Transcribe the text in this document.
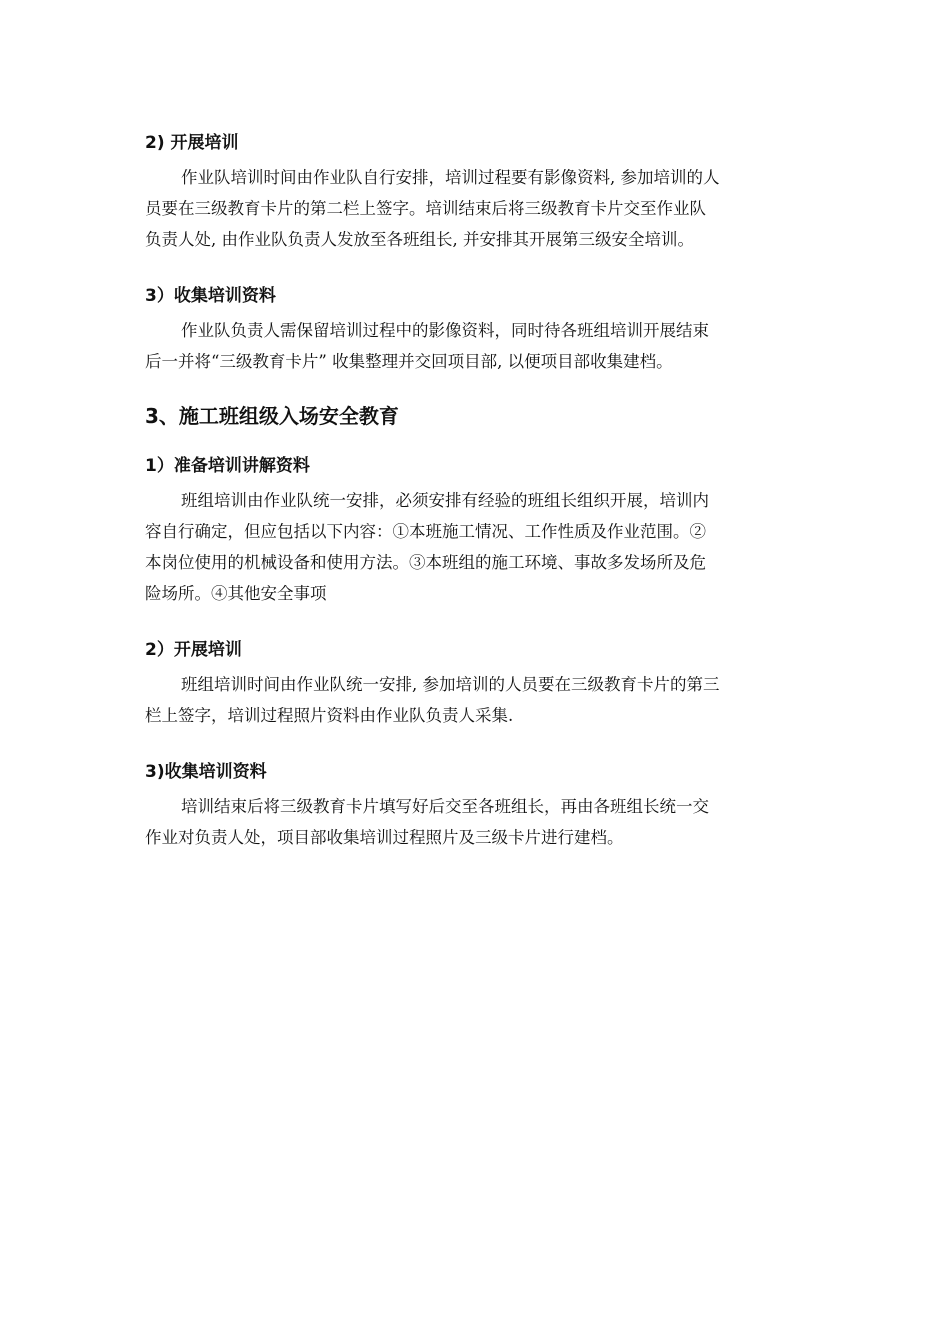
2) 开展培训
作业队培训时间由作业队自行安排，培训过程要有影像资料, 参加培训的人
员要在三级教育卡片的第二栏上签字。培训结束后将三级教育卡片交至作业队
负责人处, 由作业队负责人发放至各班组长, 并安排其开展第三级安全培训。
3）收集培训资料
作业队负责人需保留培训过程中的影像资料，同时待各班组培训开展结束
后一并将“三级教育卡片” 收集整理并交回项目部, 以便项目部收集建档。
3、施工班组级入场安全教育
1）准备培训讲解资料
班组培训由作业队统一安排，必须安排有经验的班组长组织开展，培训内
容自行确定，但应包括以下内容：①本班施工情况、工作性质及作业范围。②
本岗位使用的机械设备和使用方法。③本班组的施工环境、事故多发场所及危
险场所。④其他安全事项
2）开展培训
班组培训时间由作业队统一安排, 参加培训的人员要在三级教育卡片的第三
栏上签字，培训过程照片资料由作业队负责人采集.
3)收集培训资料
培训结束后将三级教育卡片填写好后交至各班组长，再由各班组长统一交
作业对负责人处，项目部收集培训过程照片及三级卡片进行建档。
